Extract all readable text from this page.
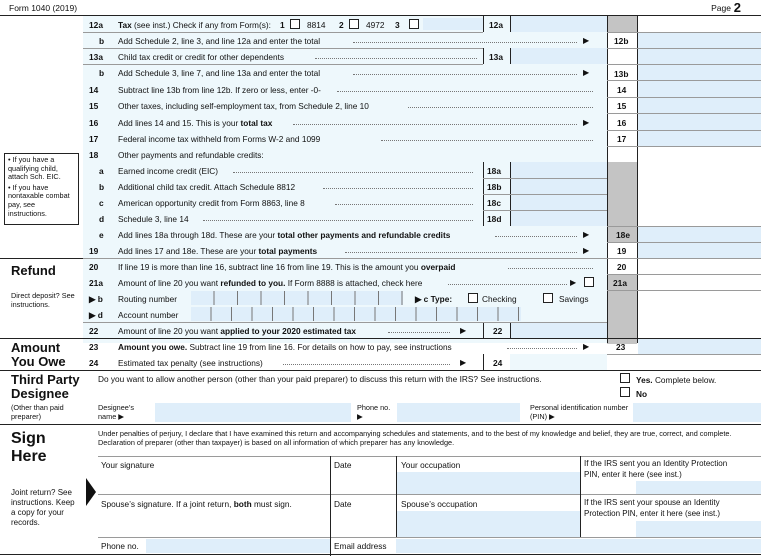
Form 1040 (2019)	Page 2
12a Tax (see inst.) Check if any from Form(s): 1	8814 2	4972 3	12a
b Add Schedule 2, line 3, and line 12a and enter the total	▶	12b
13a Child tax credit or credit for other dependents	13a
b Add Schedule 3, line 7, and line 13a and enter the total	▶	13b
14 Subtract line 13b from line 12b. If zero or less, enter -0-	14
15 Other taxes, including self-employment tax, from Schedule 2, line 10	15
16 Add lines 14 and 15. This is your total tax	▶	16
17 Federal income tax withheld from Forms W-2 and 1099	17
18 Other payments and refundable credits:
a Earned income credit (EIC)	18a
b Additional child tax credit. Attach Schedule 8812	18b
c American opportunity credit from Form 8863, line 8	18c
d Schedule 3, line 14	18d
e Add lines 18a through 18d. These are your total other payments and refundable credits	▶	18e
19 Add lines 17 and 18e. These are your total payments	▶	19
20 If line 19 is more than line 16, subtract line 16 from line 19. This is the amount you overpaid	20
21a Amount of line 20 you want refunded to you. If Form 8888 is attached, check here	▶	21a
▶ b Routing number	▶ c Type:	Checking	Savings
▶ d Account number
22 Amount of line 20 you want applied to your 2020 estimated tax	▶	22
23 Amount you owe. Subtract line 19 from line 16. For details on how to pay, see instructions	▶	23
24 Estimated tax penalty (see instructions)	▶	24
• If you have a qualifying child, attach Sch. EIC.
• If you have nontaxable combat pay, see instructions.
Refund
Direct deposit? See instructions.
Amount You Owe
Third Party Designee
(Other than paid preparer)
Do you want to allow another person (other than your paid preparer) to discuss this return with the IRS? See instructions.	Yes. Complete below.
No
Designee’s name ▶
Phone no. ▶
Personal identification number (PIN) ▶
Sign Here
Under penalties of perjury, I declare that I have examined this return and accompanying schedules and statements, and to the best of my knowledge and belief, they are true, correct, and complete. Declaration of preparer (other than taxpayer) is based on all information of which preparer has any knowledge.
Joint return? See instructions. Keep a copy for your records.
Your signature	Date	Your occupation	If the IRS sent you an Identity Protection PIN, enter it here (see inst.)
Spouse’s signature. If a joint return, both must sign.	Date	Spouse’s occupation	If the IRS sent your spouse an Identity Protection PIN, enter it here (see inst.)
Phone no.	Email address
